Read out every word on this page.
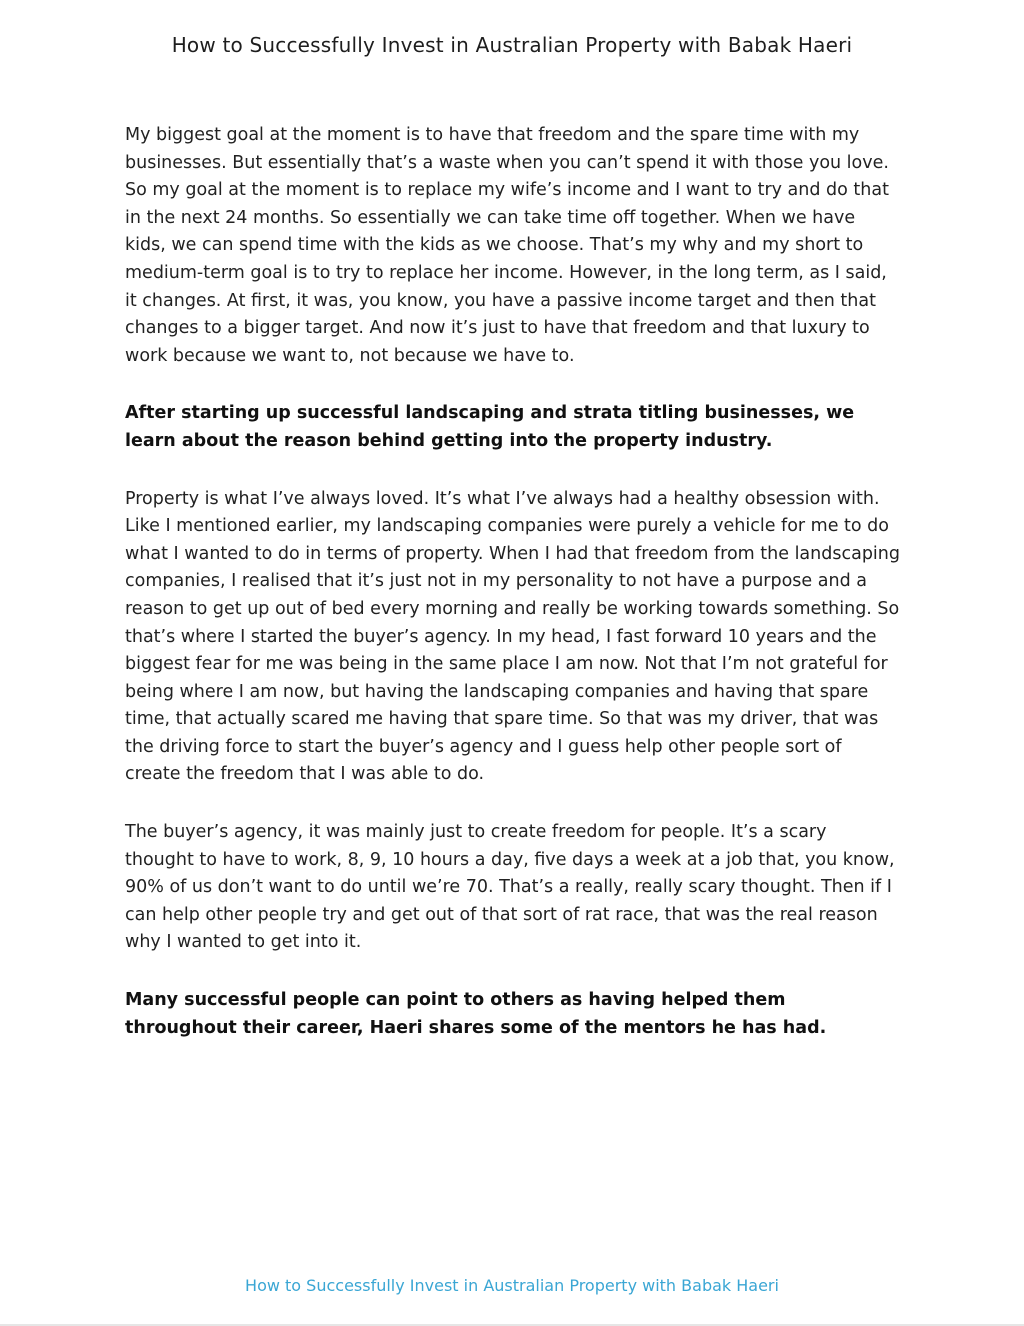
How to Successfully Invest in Australian Property with Babak Haeri

My biggest goal at the moment is to have that freedom and the spare time with my businesses. But essentially that’s a waste when you can’t spend it with those you love. So my goal at the moment is to replace my wife’s income and I want to try and do that in the next 24 months. So essentially we can take time off together. When we have kids, we can spend time with the kids as we choose. That’s my why and my short to medium-term goal is to try to replace her income. However, in the long term, as I said, it changes. At first, it was, you know, you have a passive income target and then that changes to a bigger target. And now it’s just to have that freedom and that luxury to work because we want to, not because we have to.

After starting up successful landscaping and strata titling businesses, we learn about the reason behind getting into the property industry.

Property is what I’ve always loved. It’s what I’ve always had a healthy obsession with. Like I mentioned earlier, my landscaping companies were purely a vehicle for me to do what I wanted to do in terms of property. When I had that freedom from the landscaping companies, I realised that it’s just not in my personality to not have a purpose and a reason to get up out of bed every morning and really be working towards something. So that’s where I started the buyer’s agency. In my head, I fast forward 10 years and the biggest fear for me was being in the same place I am now. Not that I’m not grateful for being where I am now, but having the landscaping companies and having that spare time, that actually scared me having that spare time. So that was my driver, that was the driving force to start the buyer’s agency and I guess help other people sort of create the freedom that I was able to do.

The buyer’s agency, it was mainly just to create freedom for people. It’s a scary thought to have to work, 8, 9, 10 hours a day, five days a week at a job that, you know, 90% of us don’t want to do until we’re 70. That’s a really, really scary thought. Then if I can help other people try and get out of that sort of rat race, that was the real reason why I wanted to get into it.

Many successful people can point to others as having helped them throughout their career, Haeri shares some of the mentors he has had.

How to Successfully Invest in Australian Property with Babak Haeri
